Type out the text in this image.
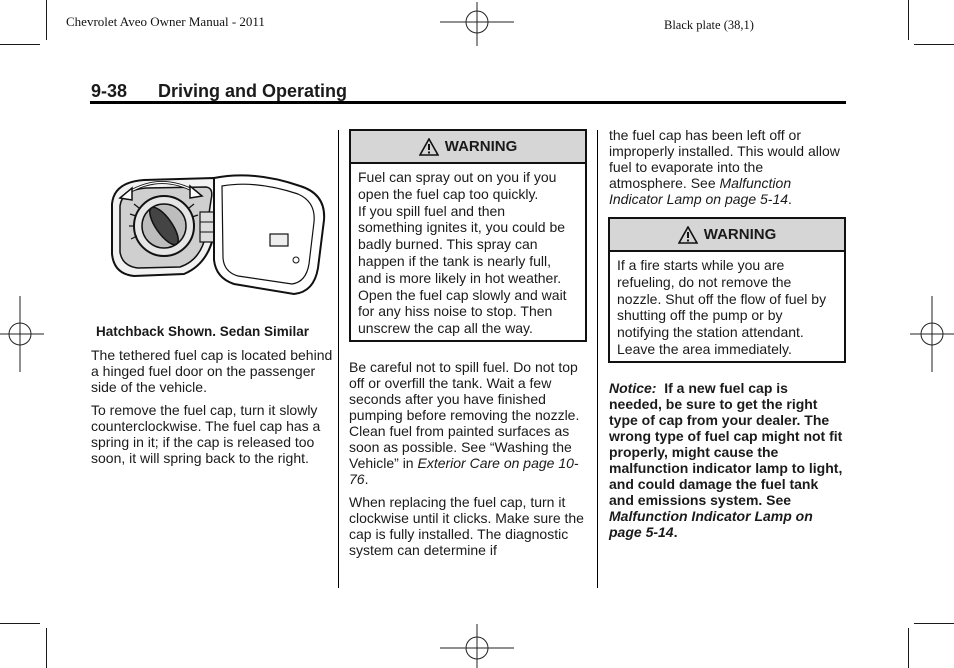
Chevrolet Aveo Owner Manual - 2011	Black plate (38,1)
9-38 Driving and Operating
Hatchback Shown. Sedan Similar

The tethered fuel cap is located behind a hinged fuel door on the passenger side of the vehicle.

To remove the fuel cap, turn it slowly counterclockwise. The fuel cap has a spring in it; if the cap is released too soon, it will spring back to the right.

WARNING
Fuel can spray out on you if you
open the fuel cap too quickly.
If you spill fuel and then
something ignites it, you could be
badly burned. This spray can
happen if the tank is nearly full,
and is more likely in hot weather.
Open the fuel cap slowly and wait
for any hiss noise to stop. Then
unscrew the cap all the way.

Be careful not to spill fuel. Do not top off or overfill the tank. Wait a few seconds after you have finished pumping before removing the nozzle. Clean fuel from painted surfaces as soon as possible. See “Washing the Vehicle” in Exterior Care on page 10-76.

When replacing the fuel cap, turn it clockwise until it clicks. Make sure the cap is fully installed. The diagnostic system can determine if

the fuel cap has been left off or improperly installed. This would allow fuel to evaporate into the atmosphere. See Malfunction Indicator Lamp on page 5-14.

WARNING
If a fire starts while you are
refueling, do not remove the
nozzle. Shut off the flow of fuel by
shutting off the pump or by
notifying the station attendant.
Leave the area immediately.
Notice: If a new fuel cap is needed, be sure to get the right type of cap from your dealer. The wrong type of fuel cap might not fit properly, might cause the malfunction indicator lamp to light, and could damage the fuel tank and emissions system. See Malfunction Indicator Lamp on page 5-14.
